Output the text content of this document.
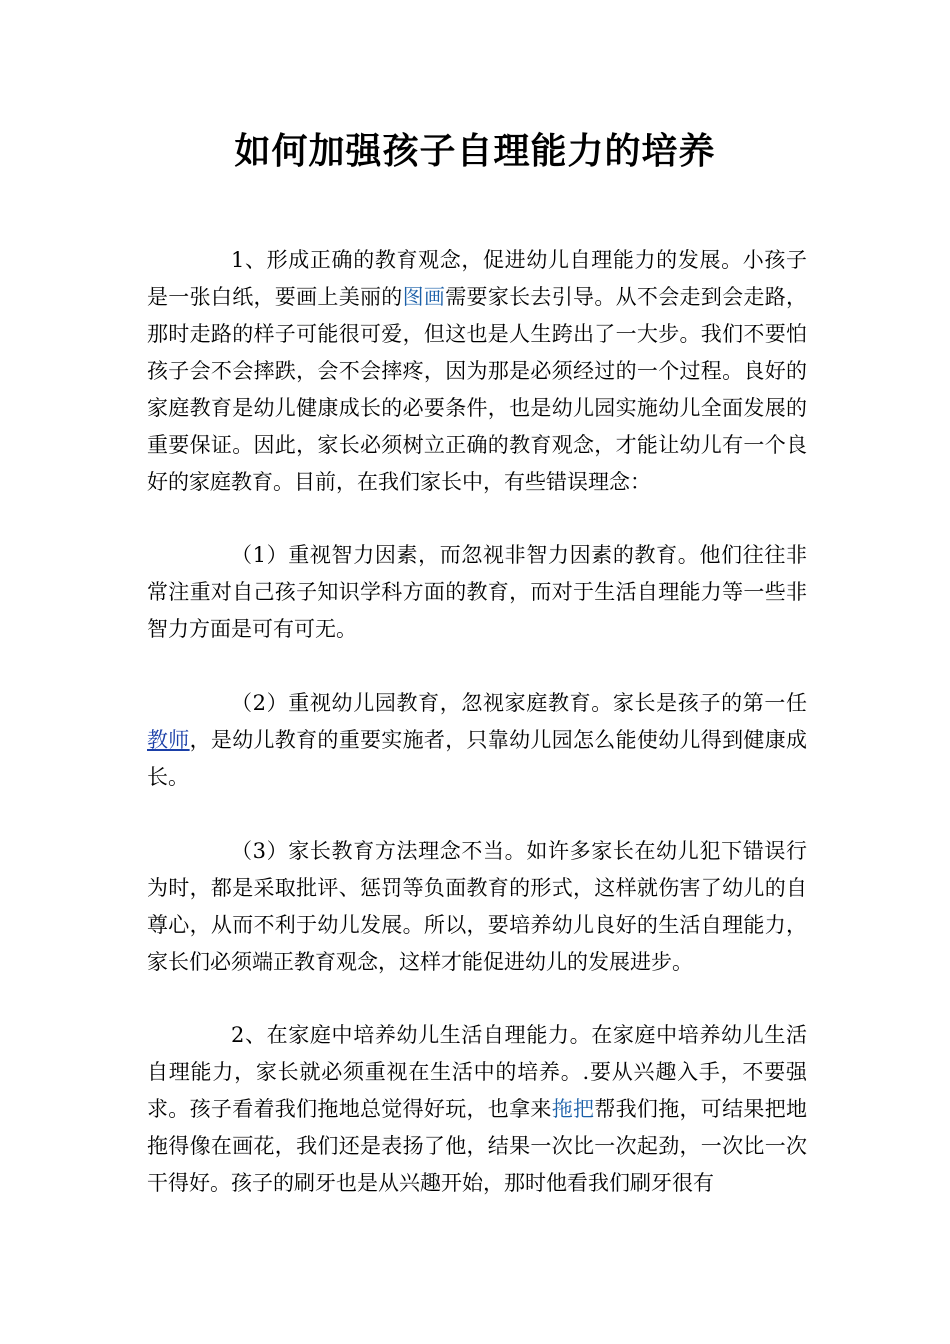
如何加强孩子自理能力的培养

1、形成正确的教育观念，促进幼儿自理能力的发展。小孩子是一张白纸，要画上美丽的图画需要家长去引导。从不会走到会走路，那时走路的样子可能很可爱，但这也是人生跨出了一大步。我们不要怕孩子会不会摔跌，会不会摔疼，因为那是必须经过的一个过程。良好的家庭教育是幼儿健康成长的必要条件，也是幼儿园实施幼儿全面发展的重要保证。因此，家长必须树立正确的教育观念，才能让幼儿有一个良好的家庭教育。目前，在我们家长中，有些错误理念：

（1）重视智力因素，而忽视非智力因素的教育。他们往往非常注重对自己孩子知识学科方面的教育，而对于生活自理能力等一些非智力方面是可有可无。

（2）重视幼儿园教育，忽视家庭教育。家长是孩子的第一任教师，是幼儿教育的重要实施者，只靠幼儿园怎么能使幼儿得到健康成长。

（3）家长教育方法理念不当。如许多家长在幼儿犯下错误行为时，都是采取批评、惩罚等负面教育的形式，这样就伤害了幼儿的自尊心，从而不利于幼儿发展。所以，要培养幼儿良好的生活自理能力，家长们必须端正教育观念，这样才能促进幼儿的发展进步。

2、在家庭中培养幼儿生活自理能力。在家庭中培养幼儿生活自理能力，家长就必须重视在生活中的培养。.要从兴趣入手，不要强求。孩子看着我们拖地总觉得好玩，也拿来拖把帮我们拖，可结果把地拖得像在画花，我们还是表扬了他，结果一次比一次起劲，一次比一次干得好。孩子的刷牙也是从兴趣开始，那时他看我们刷牙很有
